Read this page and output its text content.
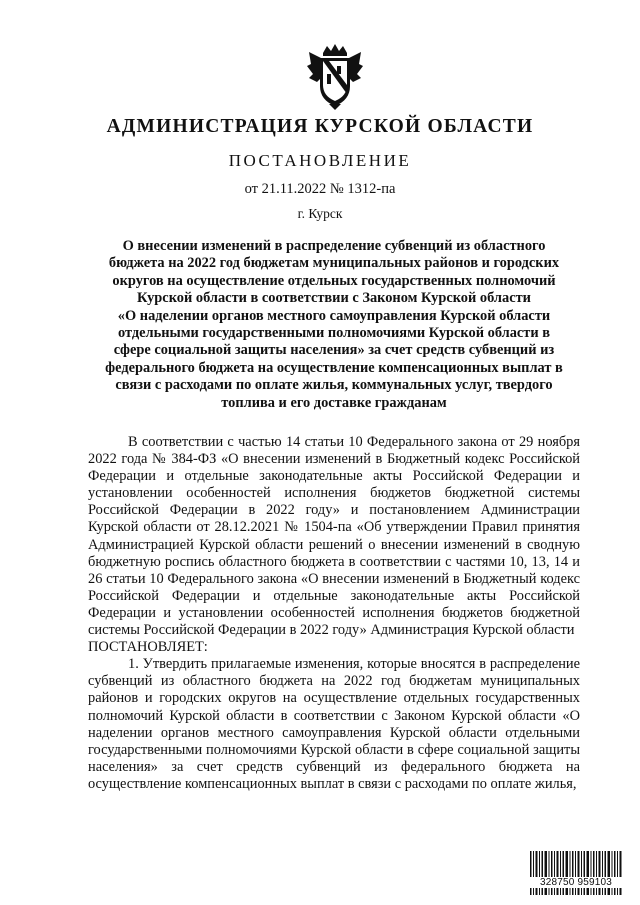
АДМИНИСТРАЦИЯ КУРСКОЙ ОБЛАСТИ
ПОСТАНОВЛЕНИЕ
от 21.11.2022 № 1312-па
г. Курск
О внесении изменений в распределение субвенций из областного
бюджета на 2022 год бюджетам муниципальных районов и городских
округов на осуществление отдельных государственных полномочий
Курской области в соответствии с Законом Курской области
«О наделении органов местного самоуправления Курской области
отдельными государственными полномочиями Курской области в
сфере социальной защиты населения» за счет средств субвенций из
федерального бюджета на осуществление компенсационных выплат в
связи с расходами по оплате жилья, коммунальных услуг, твердого
топлива и его доставке гражданам

В соответствии с частью 14 статьи 10 Федерального закона от 29 ноября 2022 года № 384-ФЗ «О внесении изменений в Бюджетный кодекс Российской Федерации и отдельные законодательные акты Российской Федерации и установлении особенностей исполнения бюджетов бюджетной системы Российской Федерации в 2022 году» и постановлением Администрации Курской области от 28.12.2021 № 1504-па «Об утверждении Правил принятия Администрацией Курской области решений о внесении изменений в сводную бюджетную роспись областного бюджета в соответствии с частями 10, 13, 14 и 26 статьи 10 Федерального закона «О внесении изменений в Бюджетный кодекс Российской Федерации и отдельные законодательные акты Российской Федерации и установлении особенностей исполнения бюджетов бюджетной системы Российской Федерации в 2022 году» Администрация Курской области

ПОСТАНОВЛЯЕТ:

1. Утвердить прилагаемые изменения, которые вносятся в распределение субвенций из областного бюджета на 2022 год бюджетам муниципальных районов и городских округов на осуществление отдельных государственных полномочий Курской области в соответствии с Законом Курской области «О наделении органов местного самоуправления Курской области отдельными государственными полномочиями Курской области в сфере социальной защиты населения» за счет средств субвенций из федерального бюджета на осуществление компенсационных выплат в связи с расходами по оплате жилья,

328750 959103
